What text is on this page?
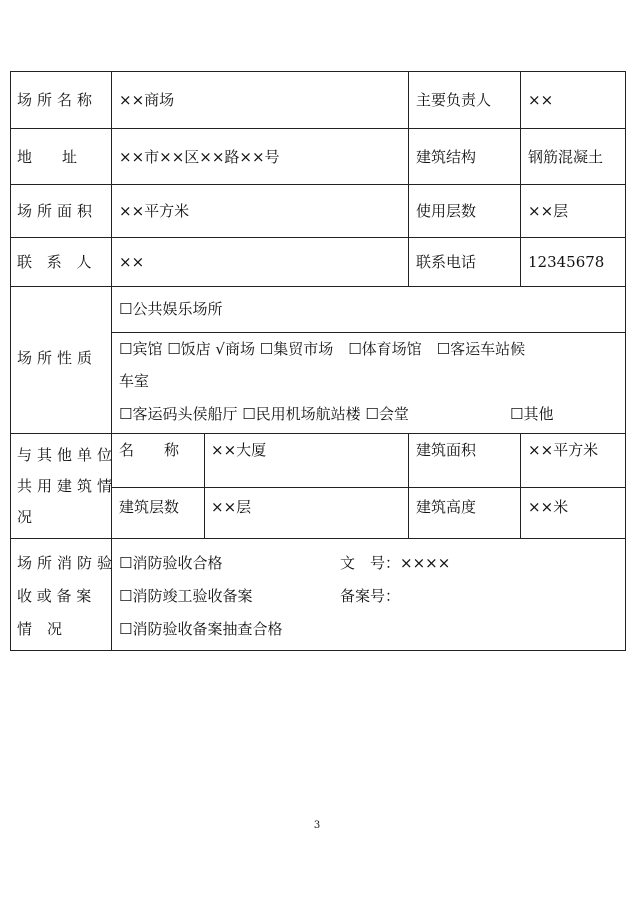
场所名称 ××商场	主要负责人 ××
地　　址	××市××区××路××号	建筑结构	钢筋混凝土
场所面积 ××平方米	使用层数	××层
联 系 人 ××	联系电话	12345678
场所性质
☐公共娱乐场所
☐宾馆 ☐饭店 √商场 ☐集贸市场　☐体育场馆　☐客运车站候
车室
☐客运码头侯船厅 ☐民用机场航站楼 ☐会堂	☐其他
与其他单位
共用建筑情
况
名　　称 ××大厦	建筑面积	××平方米
建筑层数 ××层	建筑高度	××米
场所消防验
收 或 备 案
情　况
☐消防验收合格	文　号：××××
☐消防竣工验收备案	备案号：
☐消防验收备案抽查合格
3
